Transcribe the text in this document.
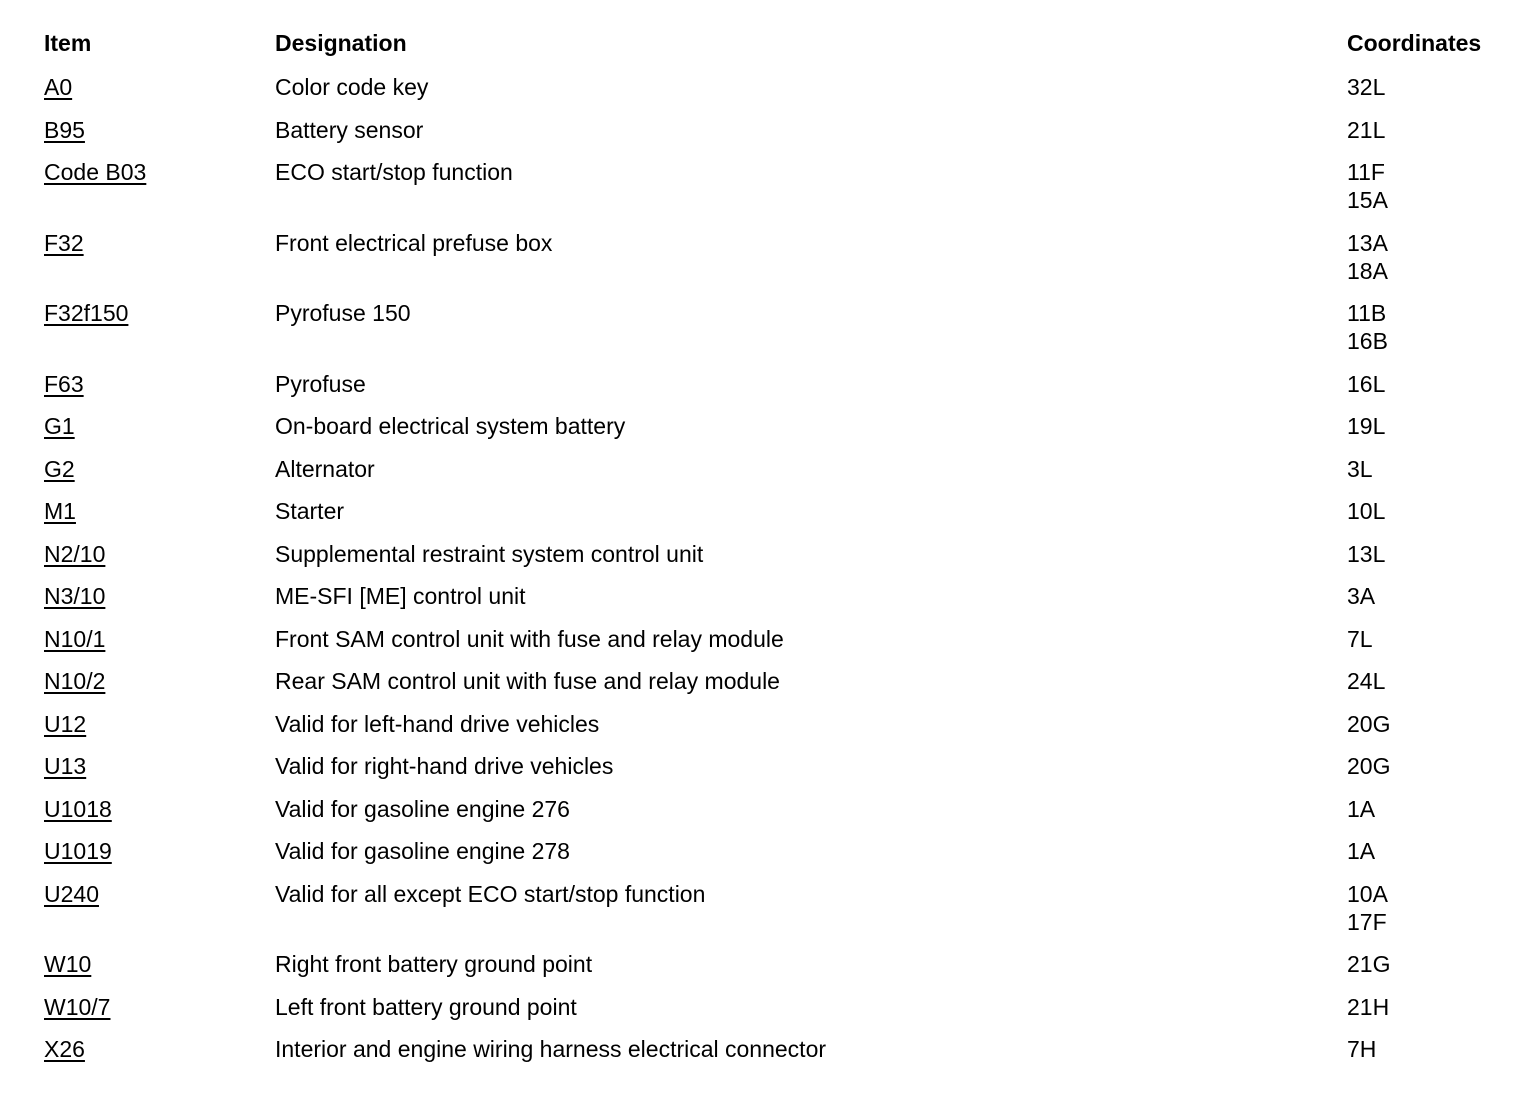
Item	Designation	Coordinates
A0	Color code key	32L
B95	Battery sensor	21L
Code B03	ECO start/stop function	11F
15A
F32	Front electrical prefuse box	13A
18A
F32f150	Pyrofuse 150	11B
16B
F63	Pyrofuse	16L
G1	On-board electrical system battery	19L
G2	Alternator	3L
M1	Starter	10L
N2/10	Supplemental restraint system control unit	13L
N3/10	ME-SFI [ME] control unit	3A
N10/1	Front SAM control unit with fuse and relay module	7L
N10/2	Rear SAM control unit with fuse and relay module	24L
U12	Valid for left-hand drive vehicles	20G
U13	Valid for right-hand drive vehicles	20G
U1018	Valid for gasoline engine 276	1A
U1019	Valid for gasoline engine 278	1A
U240	Valid for all except ECO start/stop function	10A
17F
W10	Right front battery ground point	21G
W10/7	Left front battery ground point	21H
X26	Interior and engine wiring harness electrical connector	7H
